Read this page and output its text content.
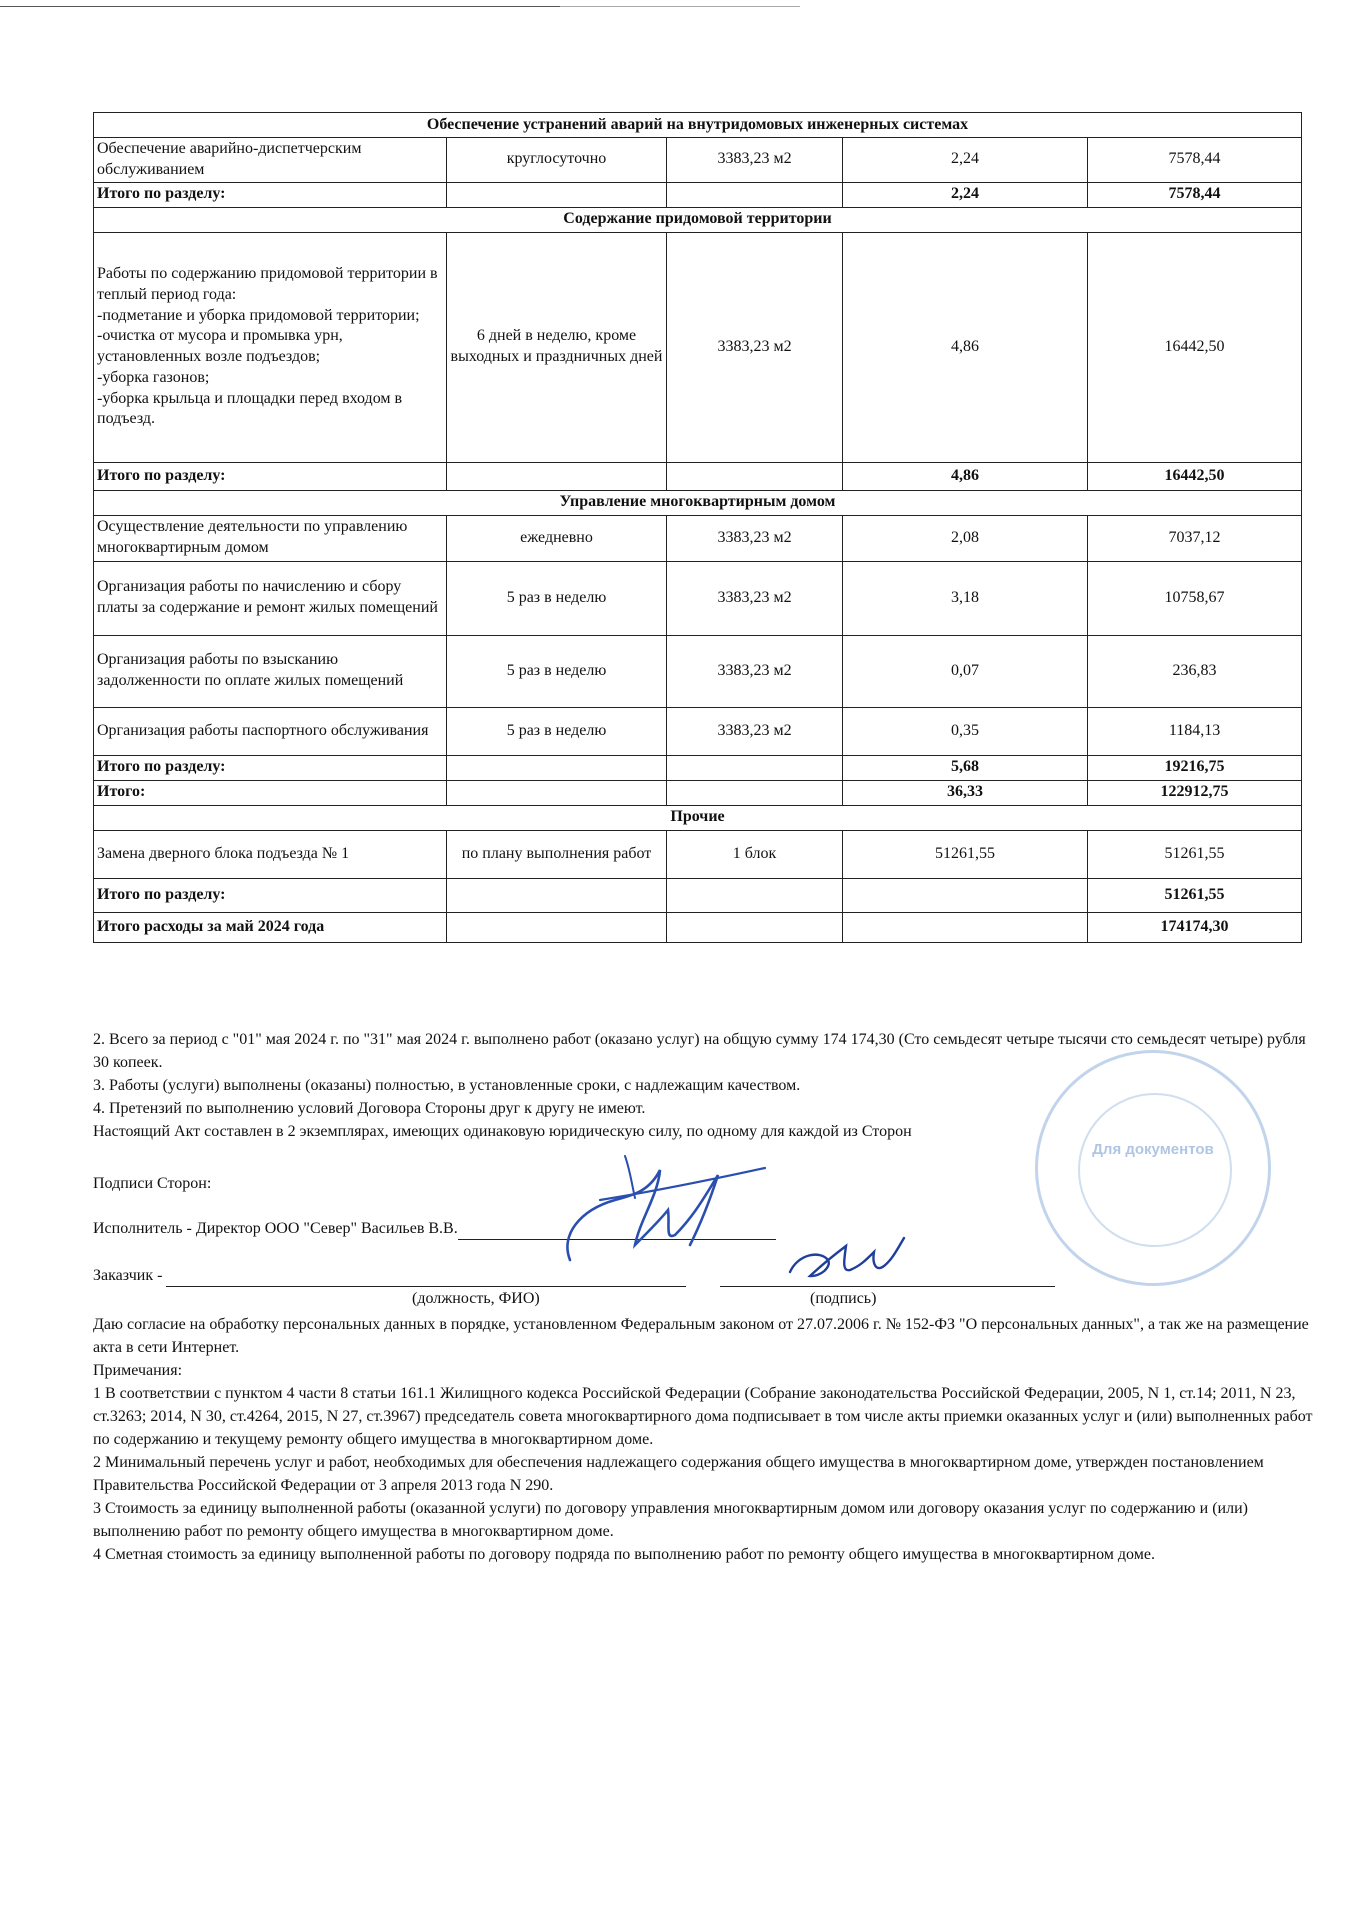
Обеспечение устранений аварий на внутридомовых инженерных системах				
Обеспечение аварийно-диспетчерским обслуживанием	круглосуточно	3383,23 м2	2,24	7578,44
Итого по разделу:			2,24	7578,44
Содержание придомовой территории				

Работы по содержанию придомовой территории в теплый период года:
-подметание и уборка придомовой территории;
-очистка от мусора и промывка урн, установленных возле подъездов;
-уборка газонов;
-уборка крыльца и площадки перед входом в подъезд.	6 дней в неделю, кроме выходных и праздничных дней	3383,23 м2	4,86	16442,50
Итого по разделу:			4,86	16442,50
Управление многоквартирным домом				
Осуществление деятельности по управлению многоквартирным домом	ежедневно	3383,23 м2	2,08	7037,12
Организация работы по начислению и сбору платы за содержание и ремонт жилых помещений	5 раз в неделю	3383,23 м2	3,18	10758,67
Организация работы по взысканию задолженности по оплате жилых помещений	5 раз в неделю	3383,23 м2	0,07	236,83
Организация работы паспортного обслуживания	5 раз в неделю	3383,23 м2	0,35	1184,13
Итого по разделу:			5,68	19216,75
Итого:			36,33	122912,75
Прочие				
Замена дверного блока подъезда № 1	по плану выполнения работ	1 блок	51261,55	51261,55
Итого по разделу:				51261,55
Итого расходы за май 2024 года				174174,30

2. Всего за период с "01" мая 2024 г. по "31" мая 2024 г. выполнено работ (оказано услуг) на общую сумму 174 174,30 (Сто семьдесят четыре тысячи сто семьдесят четыре) рубля 30 копеек.

3. Работы (услуги) выполнены (оказаны) полностью, в установленные сроки, с надлежащим качеством.

4. Претензий по выполнению условий Договора Стороны друг к другу не имеют.

Настоящий Акт составлен в 2 экземплярах, имеющих одинаковую юридическую силу, по одному для каждой из Сторон

Подписи Сторон:
Исполнитель - Директор ООО "Север" Васильев В.В.
Заказчик -
(должность, ФИО)	(подпись)

Даю согласие на обработку персональных данных в порядке, установленном Федеральным законом от 27.07.2006 г. № 152-ФЗ "О персональных данных", а так же на размещение акта в сети Интернет.

Примечания:

1 В соответствии с пунктом 4 части 8 статьи 161.1 Жилищного кодекса Российской Федерации (Собрание законодательства Российской Федерации, 2005, N 1, ст.14; 2011, N 23, ст.3263; 2014, N 30, ст.4264, 2015, N 27, ст.3967) председатель совета многоквартирного дома подписывает в том числе акты приемки оказанных услуг и (или) выполненных работ по содержанию и текущему ремонту общего имущества в многоквартирном доме.

2 Минимальный перечень услуг и работ, необходимых для обеспечения надлежащего содержания общего имущества в многоквартирном доме, утвержден постановлением Правительства Российской Федерации от 3 апреля 2013 года N 290.

3 Стоимость за единицу выполненной работы (оказанной услуги) по договору управления многоквартирным домом или договору оказания услуг по содержанию и (или) выполнению работ по ремонту общего имущества в многоквартирном доме.

4 Сметная стоимость за единицу выполненной работы по договору подряда по выполнению работ по ремонту общего имущества в многоквартирном доме.

Для документов
